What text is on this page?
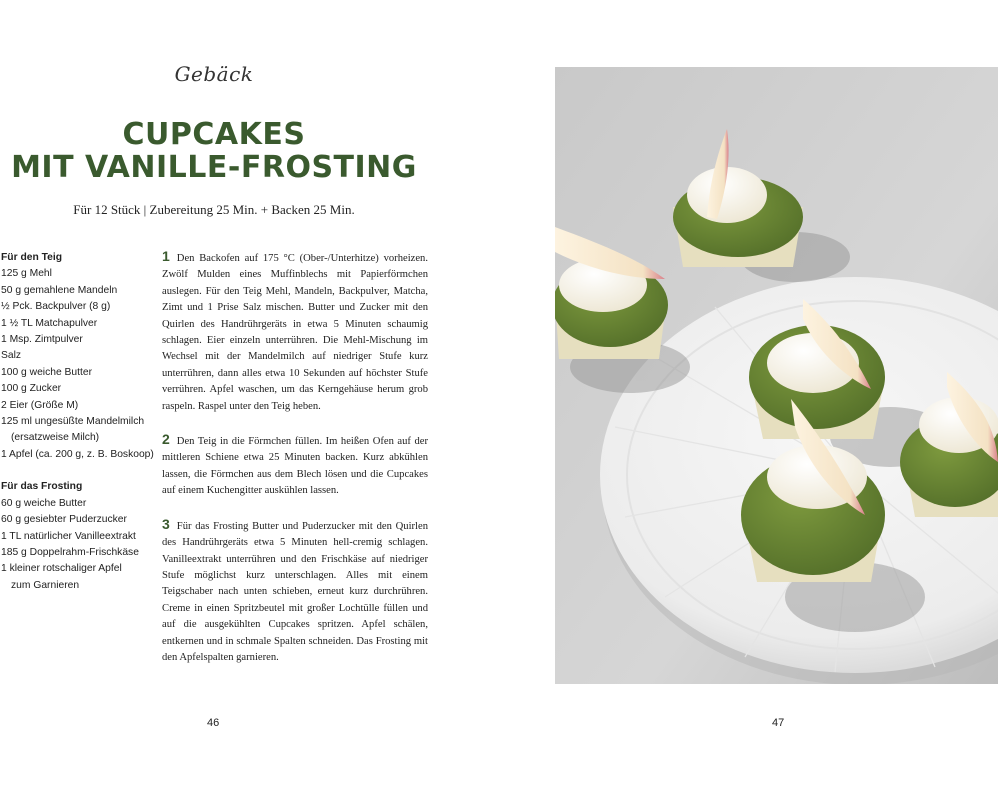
Gebäck
CUPCAKES
MIT VANILLE-FROSTING
Für 12 Stück | Zubereitung 25 Min. + Backen 25 Min.
Für den Teig
125 g Mehl
50 g gemahlene Mandeln
½ Pck. Backpulver (8 g)
1 ½ TL Matchapulver
1 Msp. Zimtpulver
Salz
100 g weiche Butter
100 g Zucker
2 Eier (Größe M)
125 ml ungesüßte Mandelmilch
(ersatzweise Milch)
1 Apfel (ca. 200 g, z. B. Boskoop)
Für das Frosting
60 g weiche Butter
60 g gesiebter Puderzucker
1 TL natürlicher Vanilleextrakt
185 g Doppelrahm-Frischkäse
1 kleiner rotschaliger Apfel
zum Garnieren

1 Den Backofen auf 175 °C (Ober-/Unterhitze) vorheizen. Zwölf Mulden eines Muffinblechs mit Papierförmchen auslegen. Für den Teig Mehl, Mandeln, Backpulver, Matcha, Zimt und 1 Prise Salz mischen. Butter und Zucker mit den Quirlen des Handrührgeräts in etwa 5 Minuten schaumig schlagen. Eier einzeln unterrühren. Die Mehl-Mischung im Wechsel mit der Mandelmilch auf niedriger Stufe kurz unterrühren, dann alles etwa 10 Sekunden auf höchster Stufe verrühren. Apfel waschen, um das Kerngehäuse herum grob raspeln. Raspel unter den Teig heben.

2 Den Teig in die Förmchen füllen. Im heißen Ofen auf der mittleren Schiene etwa 25 Minuten backen. Kurz abkühlen lassen, die Förmchen aus dem Blech lösen und die Cupcakes auf einem Kuchengitter auskühlen lassen.

3 Für das Frosting Butter und Puderzucker mit den Quirlen des Handrührgeräts etwa 5 Minuten hell-cremig schlagen. Vanilleextrakt unterrühren und den Frischkäse auf niedriger Stufe möglichst kurz unterschlagen. Alles mit einem Teigschaber nach unten schieben, erneut kurz durchrühren. Creme in einen Spritzbeutel mit großer Lochtülle füllen und auf die ausgekühlten Cupcakes spritzen. Apfel schälen, entkernen und in schmale Spalten schneiden. Das Frosting mit den Apfelspalten garnieren.

46	47
